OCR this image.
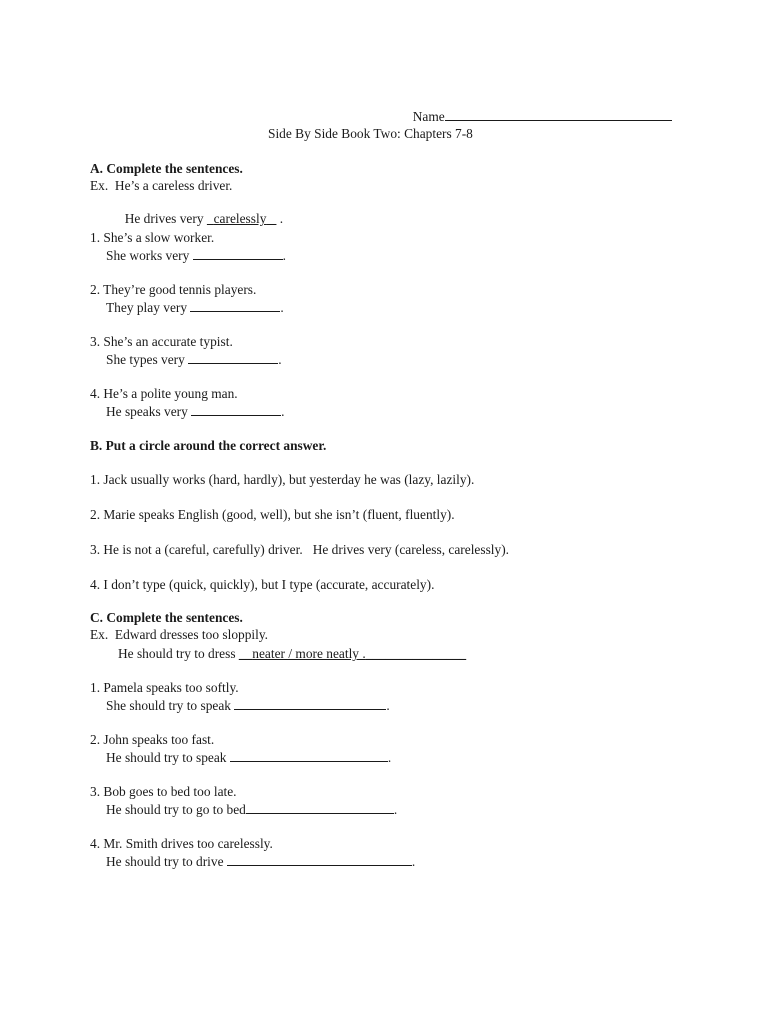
Name

Side By Side Book Two: Chapters 7-8
A. Complete the sentences.
Ex.  He’s a careless driver.

He drives very carelessly .

1. She’s a slow worker.
She works very	.
2. They’re good tennis players.
They play very	.
3. She’s an accurate typist.
She types very	.
4. He’s a polite young man.
He speaks very	.
B. Put a circle around the correct answer.
1. Jack usually works (hard, hardly), but yesterday he was (lazy, lazily).
2. Marie speaks English (good, well), but she isn’t (fluent, fluently).
3. He is not a (careful, carefully) driver.   He drives very (careless, carelessly).
4. I don’t type (quick, quickly), but I type (accurate, accurately).
C. Complete the sentences.
Ex.  Edward dresses too sloppily.
He should try to dress __neater / more neatly ._______________
1. Pamela speaks too softly.
She should try to speak	.
2. John speaks too fast.
He should try to speak	.
3. Bob goes to bed too late.
He should try to go to bed	.
4. Mr. Smith drives too carelessly.
He should try to drive	.
